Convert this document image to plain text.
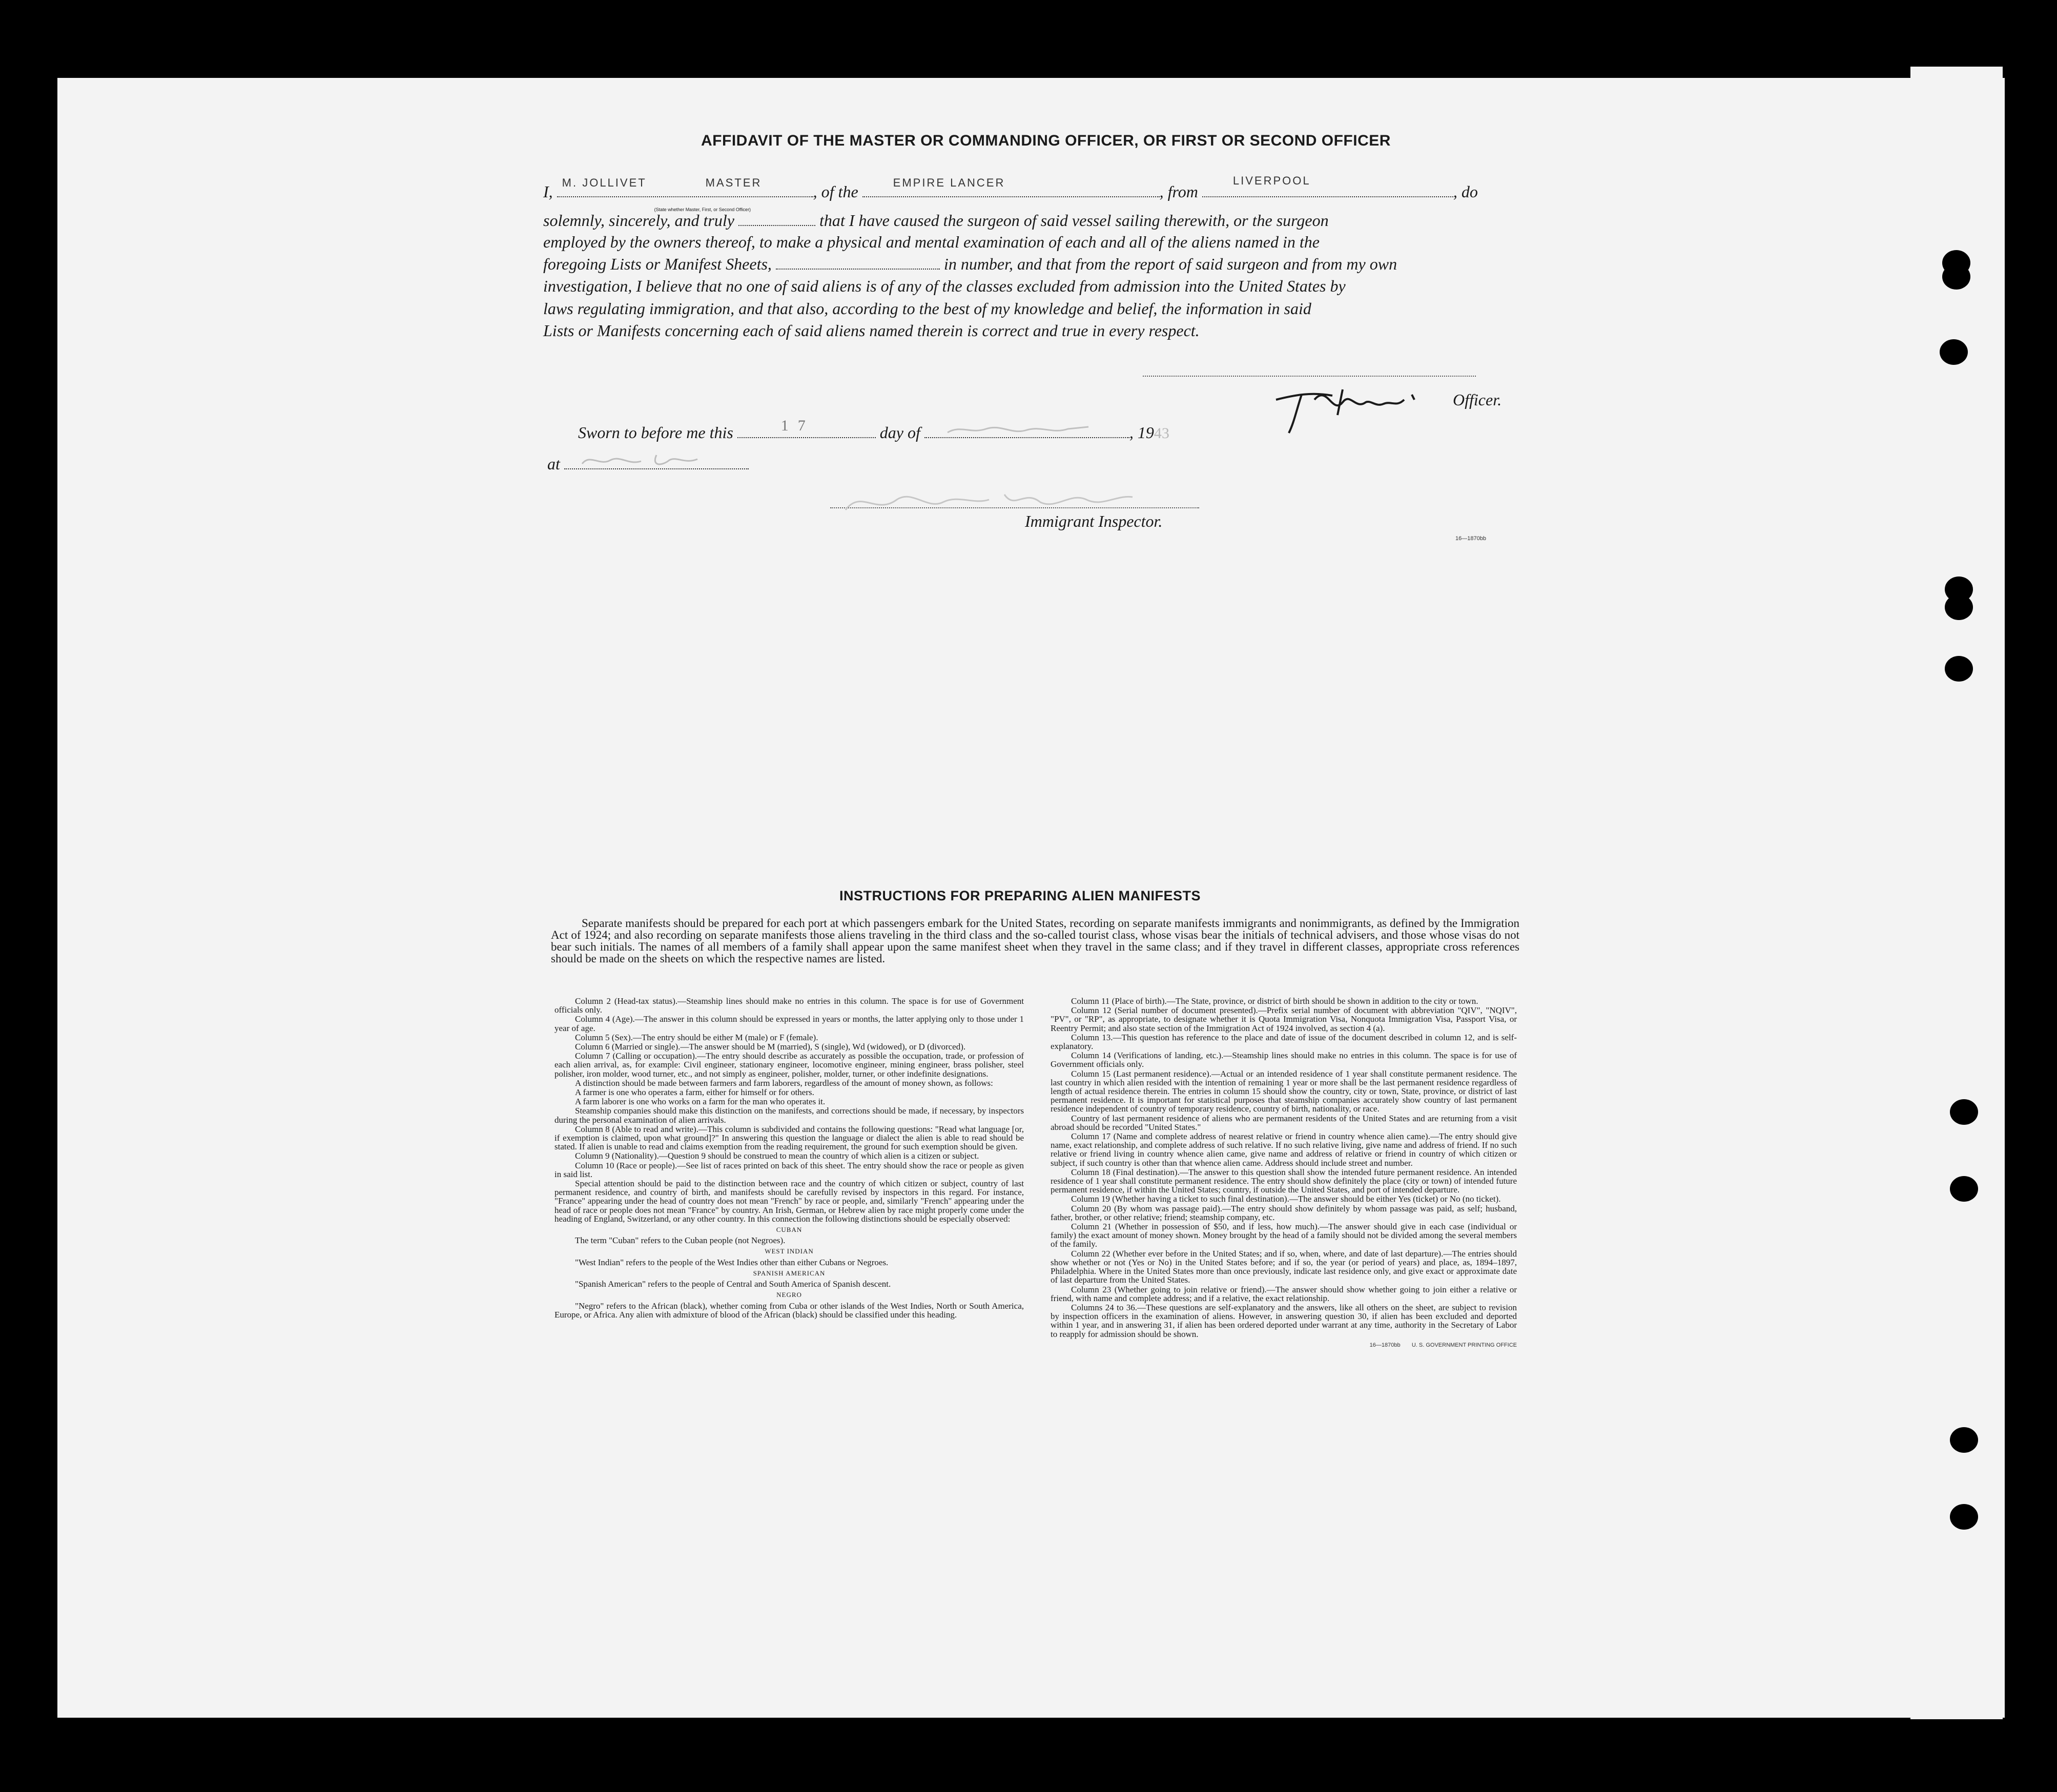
AFFIDAVIT OF THE MASTER OR COMMANDING OFFICER, OR FIRST OR SECOND OFFICER
I, M. JOLLIVET	MASTER
(State whether Master, First, or Second Officer)
, of the	EMPIRE LANCER	, from
LIVERPOOL
, do
solemnly, sincerely, and truly	that I have caused the surgeon of said vessel sailing therewith, or the surgeon
employed by the owners thereof, to make a physical and mental examination of each and all of the aliens named in the
foregoing Lists or Manifest Sheets,	in number, and that from the report of said surgeon and from my own
investigation, I believe that no one of said aliens is of any of the classes excluded from admission into the United States by
laws regulating immigration, and that also, according to the best of my knowledge and belief, the information in said
Lists or Manifests concerning each of said aliens named therein is correct and true in every respect.
Officer.
Sworn to before me this	17	day of	, 1943
at
Immigrant Inspector.
16—1870bb
INSTRUCTIONS FOR PREPARING ALIEN MANIFESTS
Separate manifests should be prepared for each port at which passengers embark for the United States, recording on separate manifests immigrants and nonimmigrants, as defined by the Immigration Act of 1924; and also recording on separate manifests those aliens traveling in the third class and the so-called tourist class, whose visas bear the initials of technical advisers, and those whose visas do not bear such initials. The names of all members of a family shall appear upon the same manifest sheet when they travel in the same class; and if they travel in different classes, appropriate cross references should be made on the sheets on which the respective names are listed.

Column 2 (Head-tax status).—Steamship lines should make no entries in this column. The space is for use of Government officials only.

Column 4 (Age).—The answer in this column should be expressed in years or months, the latter applying only to those under 1 year of age.

Column 5 (Sex).—The entry should be either M (male) or F (female).

Column 6 (Married or single).—The answer should be M (married), S (single), Wd (widowed), or D (divorced).

Column 7 (Calling or occupation).—The entry should describe as accurately as possible the occupation, trade, or profession of each alien arrival, as, for example: Civil engineer, stationary engineer, locomotive engineer, mining engineer, brass polisher, steel polisher, iron molder, wood turner, etc., and not simply as engineer, polisher, molder, turner, or other indefinite designations.

A distinction should be made between farmers and farm laborers, regardless of the amount of money shown, as follows:

A farmer is one who operates a farm, either for himself or for others.

A farm laborer is one who works on a farm for the man who operates it.

Steamship companies should make this distinction on the manifests, and corrections should be made, if necessary, by inspectors during the personal examination of alien arrivals.

Column 8 (Able to read and write).—This column is subdivided and contains the following questions: "Read what language [or, if exemption is claimed, upon what ground]?" In answering this question the language or dialect the alien is able to read should be stated. If alien is unable to read and claims exemption from the reading requirement, the ground for such exemption should be given.

Column 9 (Nationality).—Question 9 should be construed to mean the country of which alien is a citizen or subject.

Column 10 (Race or people).—See list of races printed on back of this sheet. The entry should show the race or people as given in said list.

Special attention should be paid to the distinction between race and the country of which citizen or subject, country of last permanent residence, and country of birth, and manifests should be carefully revised by inspectors in this regard. For instance, "France" appearing under the head of country does not mean "French" by race or people, and, similarly "French" appearing under the head of race or people does not mean "France" by country. An Irish, German, or Hebrew alien by race might properly come under the heading of England, Switzerland, or any other country. In this connection the following distinctions should be especially observed:

CUBAN

The term "Cuban" refers to the Cuban people (not Negroes).

WEST INDIAN

"West Indian" refers to the people of the West Indies other than either Cubans or Negroes.

SPANISH AMERICAN

"Spanish American" refers to the people of Central and South America of Spanish descent.

NEGRO

"Negro" refers to the African (black), whether coming from Cuba or other islands of the West Indies, North or South America, Europe, or Africa. Any alien with admixture of blood of the African (black) should be classified under this heading.

Column 11 (Place of birth).—The State, province, or district of birth should be shown in addition to the city or town.

Column 12 (Serial number of document presented).—Prefix serial number of document with abbreviation "QIV", "NQIV", "PV", or "RP", as appropriate, to designate whether it is Quota Immigration Visa, Nonquota Immigration Visa, Passport Visa, or Reentry Permit; and also state section of the Immigration Act of 1924 involved, as section 4 (a).

Column 13.—This question has reference to the place and date of issue of the document described in column 12, and is self-explanatory.

Column 14 (Verifications of landing, etc.).—Steamship lines should make no entries in this column. The space is for use of Government officials only.

Column 15 (Last permanent residence).—Actual or an intended residence of 1 year shall constitute permanent residence. The last country in which alien resided with the intention of remaining 1 year or more shall be the last permanent residence regardless of length of actual residence therein. The entries in column 15 should show the country, city or town, State, province, or district of last permanent residence. It is important for statistical purposes that steamship companies accurately show country of last permanent residence independent of country of temporary residence, country of birth, nationality, or race.

Country of last permanent residence of aliens who are permanent residents of the United States and are returning from a visit abroad should be recorded "United States."

Column 17 (Name and complete address of nearest relative or friend in country whence alien came).—The entry should give name, exact relationship, and complete address of such relative. If no such relative living, give name and address of friend. If no such relative or friend living in country whence alien came, give name and address of relative or friend in country of which citizen or subject, if such country is other than that whence alien came. Address should include street and number.

Column 18 (Final destination).—The answer to this question shall show the intended future permanent residence. An intended residence of 1 year shall constitute permanent residence. The entry should show definitely the place (city or town) of intended future permanent residence, if within the United States; country, if outside the United States, and port of intended departure.

Column 19 (Whether having a ticket to such final destination).—The answer should be either Yes (ticket) or No (no ticket).

Column 20 (By whom was passage paid).—The entry should show definitely by whom passage was paid, as self; husband, father, brother, or other relative; friend; steamship company, etc.

Column 21 (Whether in possession of $50, and if less, how much).—The answer should give in each case (individual or family) the exact amount of money shown. Money brought by the head of a family should not be divided among the several members of the family.

Column 22 (Whether ever before in the United States; and if so, when, where, and date of last departure).—The entries should show whether or not (Yes or No) in the United States before; and if so, the year (or period of years) and place, as, 1894–1897, Philadelphia. Where in the United States more than once previously, indicate last residence only, and give exact or approximate date of last departure from the United States.

Column 23 (Whether going to join relative or friend).—The answer should show whether going to join either a relative or friend, with name and complete address; and if a relative, the exact relationship.

Columns 24 to 36.—These questions are self-explanatory and the answers, like all others on the sheet, are subject to revision by inspection officers in the examination of aliens. However, in answering question 30, if alien has been excluded and deported within 1 year, and in answering 31, if alien has been ordered deported under warrant at any time, authority in the Secretary of Labor to reapply for admission should be shown.

16—1870bb U. S. GOVERNMENT PRINTING OFFICE
